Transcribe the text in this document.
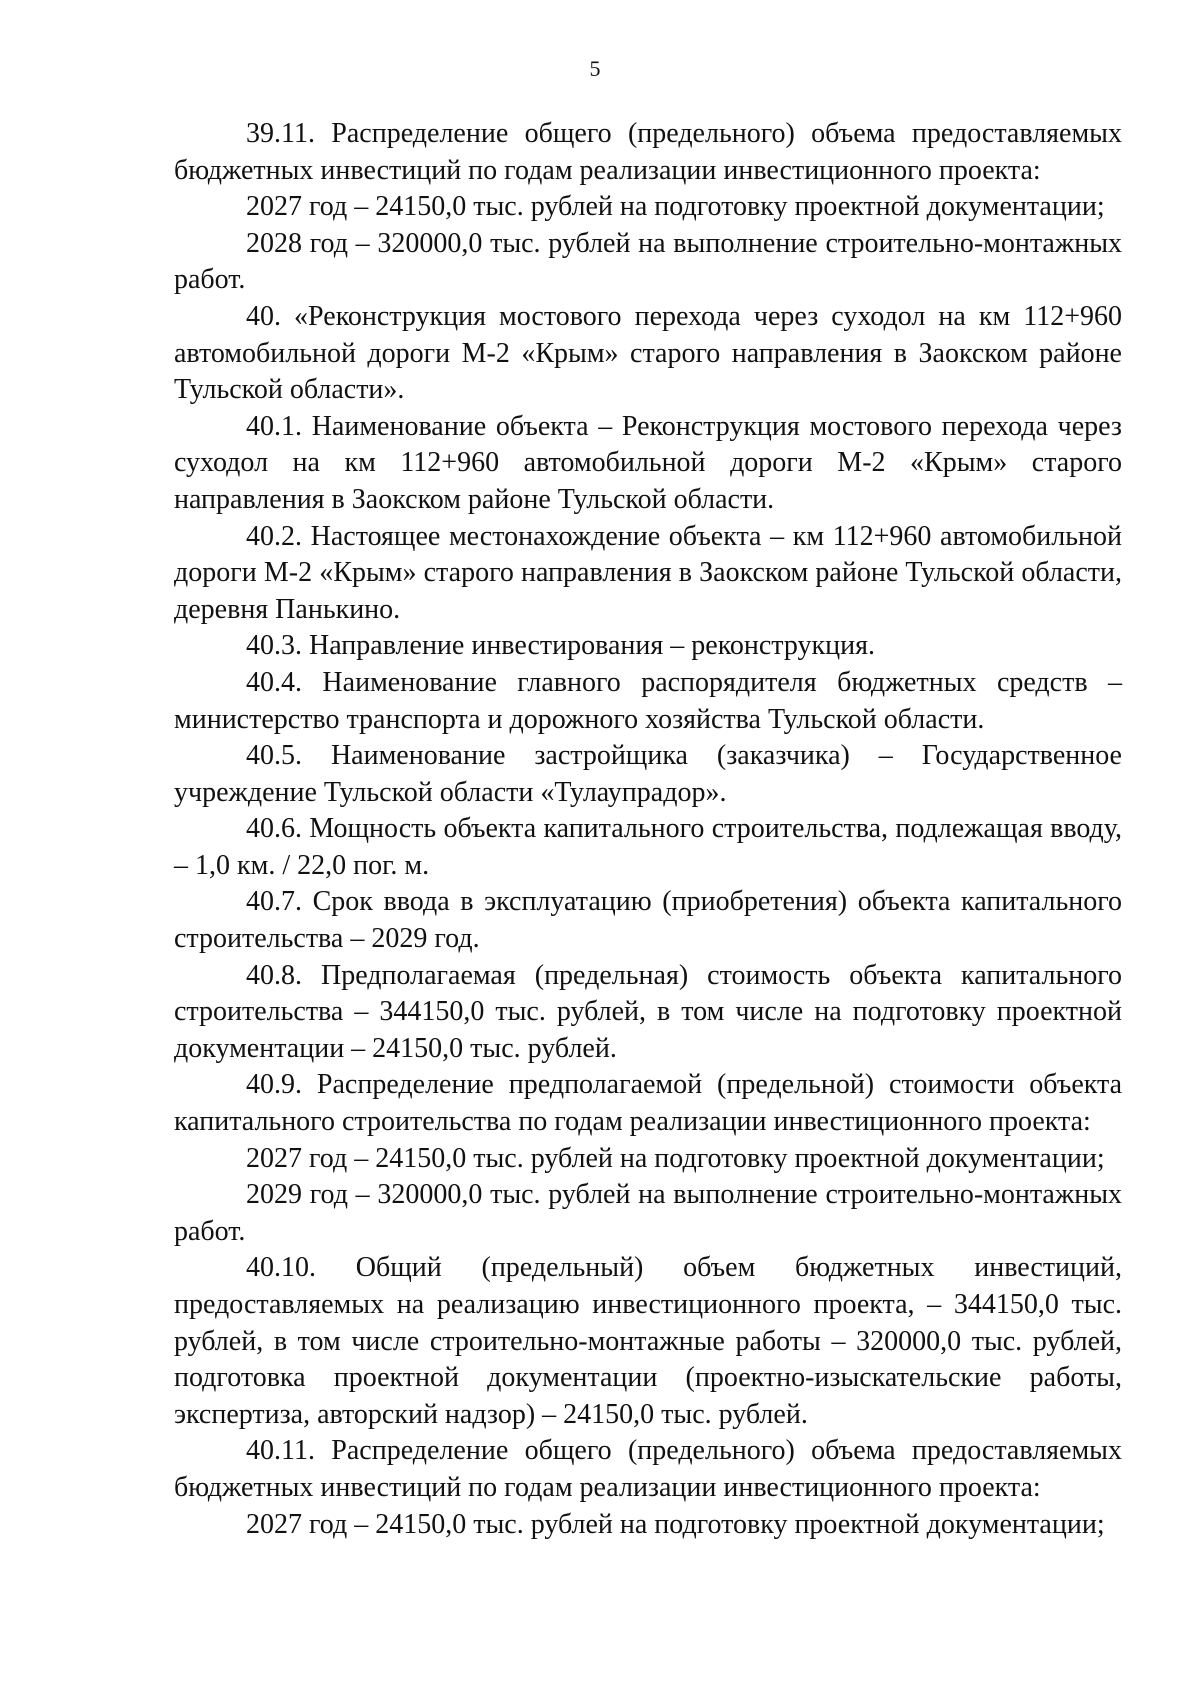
5

39.11. Распределение общего (предельного) объема предоставляемых бюджетных инвестиций по годам реализации инвестиционного проекта:

2027 год – 24150,0 тыс. рублей на подготовку проектной документации;

2028 год – 320000,0 тыс. рублей на выполнение строительно-монтажных работ.

40. «Реконструкция мостового перехода через суходол на км 112+960 автомобильной дороги М-2 «Крым» старого направления в Заокском районе Тульской области».

40.1. Наименование объекта – Реконструкция мостового перехода через суходол на км 112+960 автомобильной дороги М-2 «Крым» старого направления в Заокском районе Тульской области.

40.2. Настоящее местонахождение объекта – км 112+960 автомобильной дороги М-2 «Крым» старого направления в Заокском районе Тульской области, деревня Панькино.

40.3. Направление инвестирования – реконструкция.

40.4. Наименование главного распорядителя бюджетных средств – министерство транспорта и дорожного хозяйства Тульской области.

40.5. Наименование застройщика (заказчика) – Государственное учреждение Тульской области «Тулаупрадор».

40.6. Мощность объекта капитального строительства, подлежащая вводу, – 1,0 км. / 22,0 пог. м.

40.7. Срок ввода в эксплуатацию (приобретения) объекта капитального строительства – 2029 год.

40.8. Предполагаемая (предельная) стоимость объекта капитального строительства – 344150,0 тыс. рублей, в том числе на подготовку проектной документации – 24150,0 тыс. рублей.

40.9. Распределение предполагаемой (предельной) стоимости объекта капитального строительства по годам реализации инвестиционного проекта:

2027 год – 24150,0 тыс. рублей на подготовку проектной документации;

2029 год – 320000,0 тыс. рублей на выполнение строительно-монтажных работ.

40.10. Общий (предельный) объем бюджетных инвестиций, предоставляемых на реализацию инвестиционного проекта, – 344150,0 тыс. рублей, в том числе строительно-монтажные работы – 320000,0 тыс. рублей, подготовка проектной документации (проектно-изыскательские работы, экспертиза, авторский надзор) – 24150,0 тыс. рублей.

40.11. Распределение общего (предельного) объема предоставляемых бюджетных инвестиций по годам реализации инвестиционного проекта:

2027 год – 24150,0 тыс. рублей на подготовку проектной документации;
